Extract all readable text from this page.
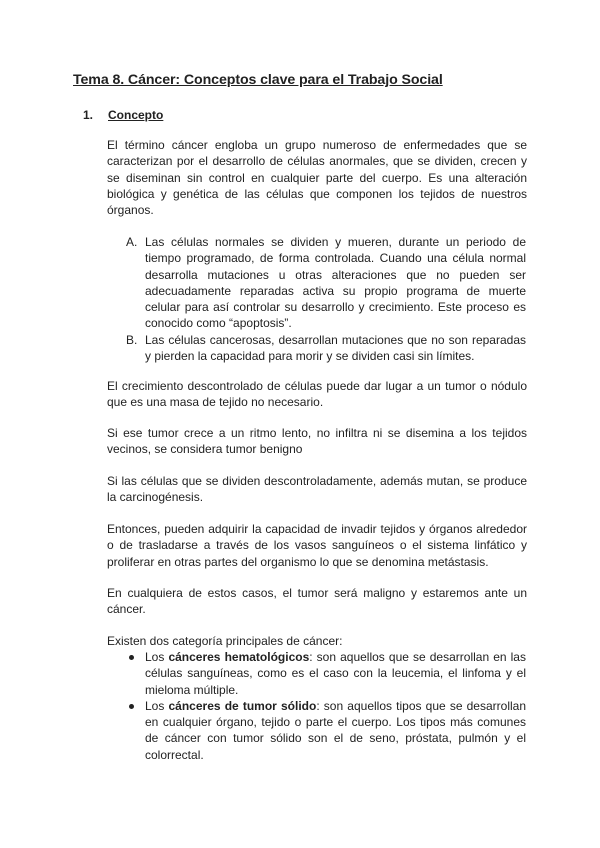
Tema 8. Cáncer: Conceptos clave para el Trabajo Social
1. Concepto

El término cáncer engloba un grupo numeroso de enfermedades que se caracterizan por el desarrollo de células anormales, que se dividen, crecen y se diseminan sin control en cualquier parte del cuerpo. Es una alteración biológica y genética de las células que componen los tejidos de nuestros órganos.

A. Las células normales se dividen y mueren, durante un periodo de tiempo programado, de forma controlada. Cuando una célula normal desarrolla mutaciones u otras alteraciones que no pueden ser adecuadamente reparadas activa su propio programa de muerte celular para así controlar su desarrollo y crecimiento. Este proceso es conocido como “apoptosis”.
B. Las células cancerosas, desarrollan mutaciones que no son reparadas y pierden la capacidad para morir y se dividen casi sin límites.

El crecimiento descontrolado de células puede dar lugar a un tumor o nódulo que es una masa de tejido no necesario.

Si ese tumor crece a un ritmo lento, no infiltra ni se disemina a los tejidos vecinos, se considera tumor benigno

Si las células que se dividen descontroladamente, además mutan, se produce la carcinogénesis.

Entonces, pueden adquirir la capacidad de invadir tejidos y órganos alrededor o de trasladarse a través de los vasos sanguíneos o el sistema linfático y proliferar en otras partes del organismo lo que se denomina metástasis.

En cualquiera de estos casos, el tumor será maligno y estaremos ante un cáncer.

Existen dos categoría principales de cáncer:

Los cánceres hematológicos: son aquellos que se desarrollan en las células sanguíneas, como es el caso con la leucemia, el linfoma y el mieloma múltiple.
Los cánceres de tumor sólido: son aquellos tipos que se desarrollan en cualquier órgano, tejido o parte el cuerpo. Los tipos más comunes de cáncer con tumor sólido son el de seno, próstata, pulmón y el colorrectal.
